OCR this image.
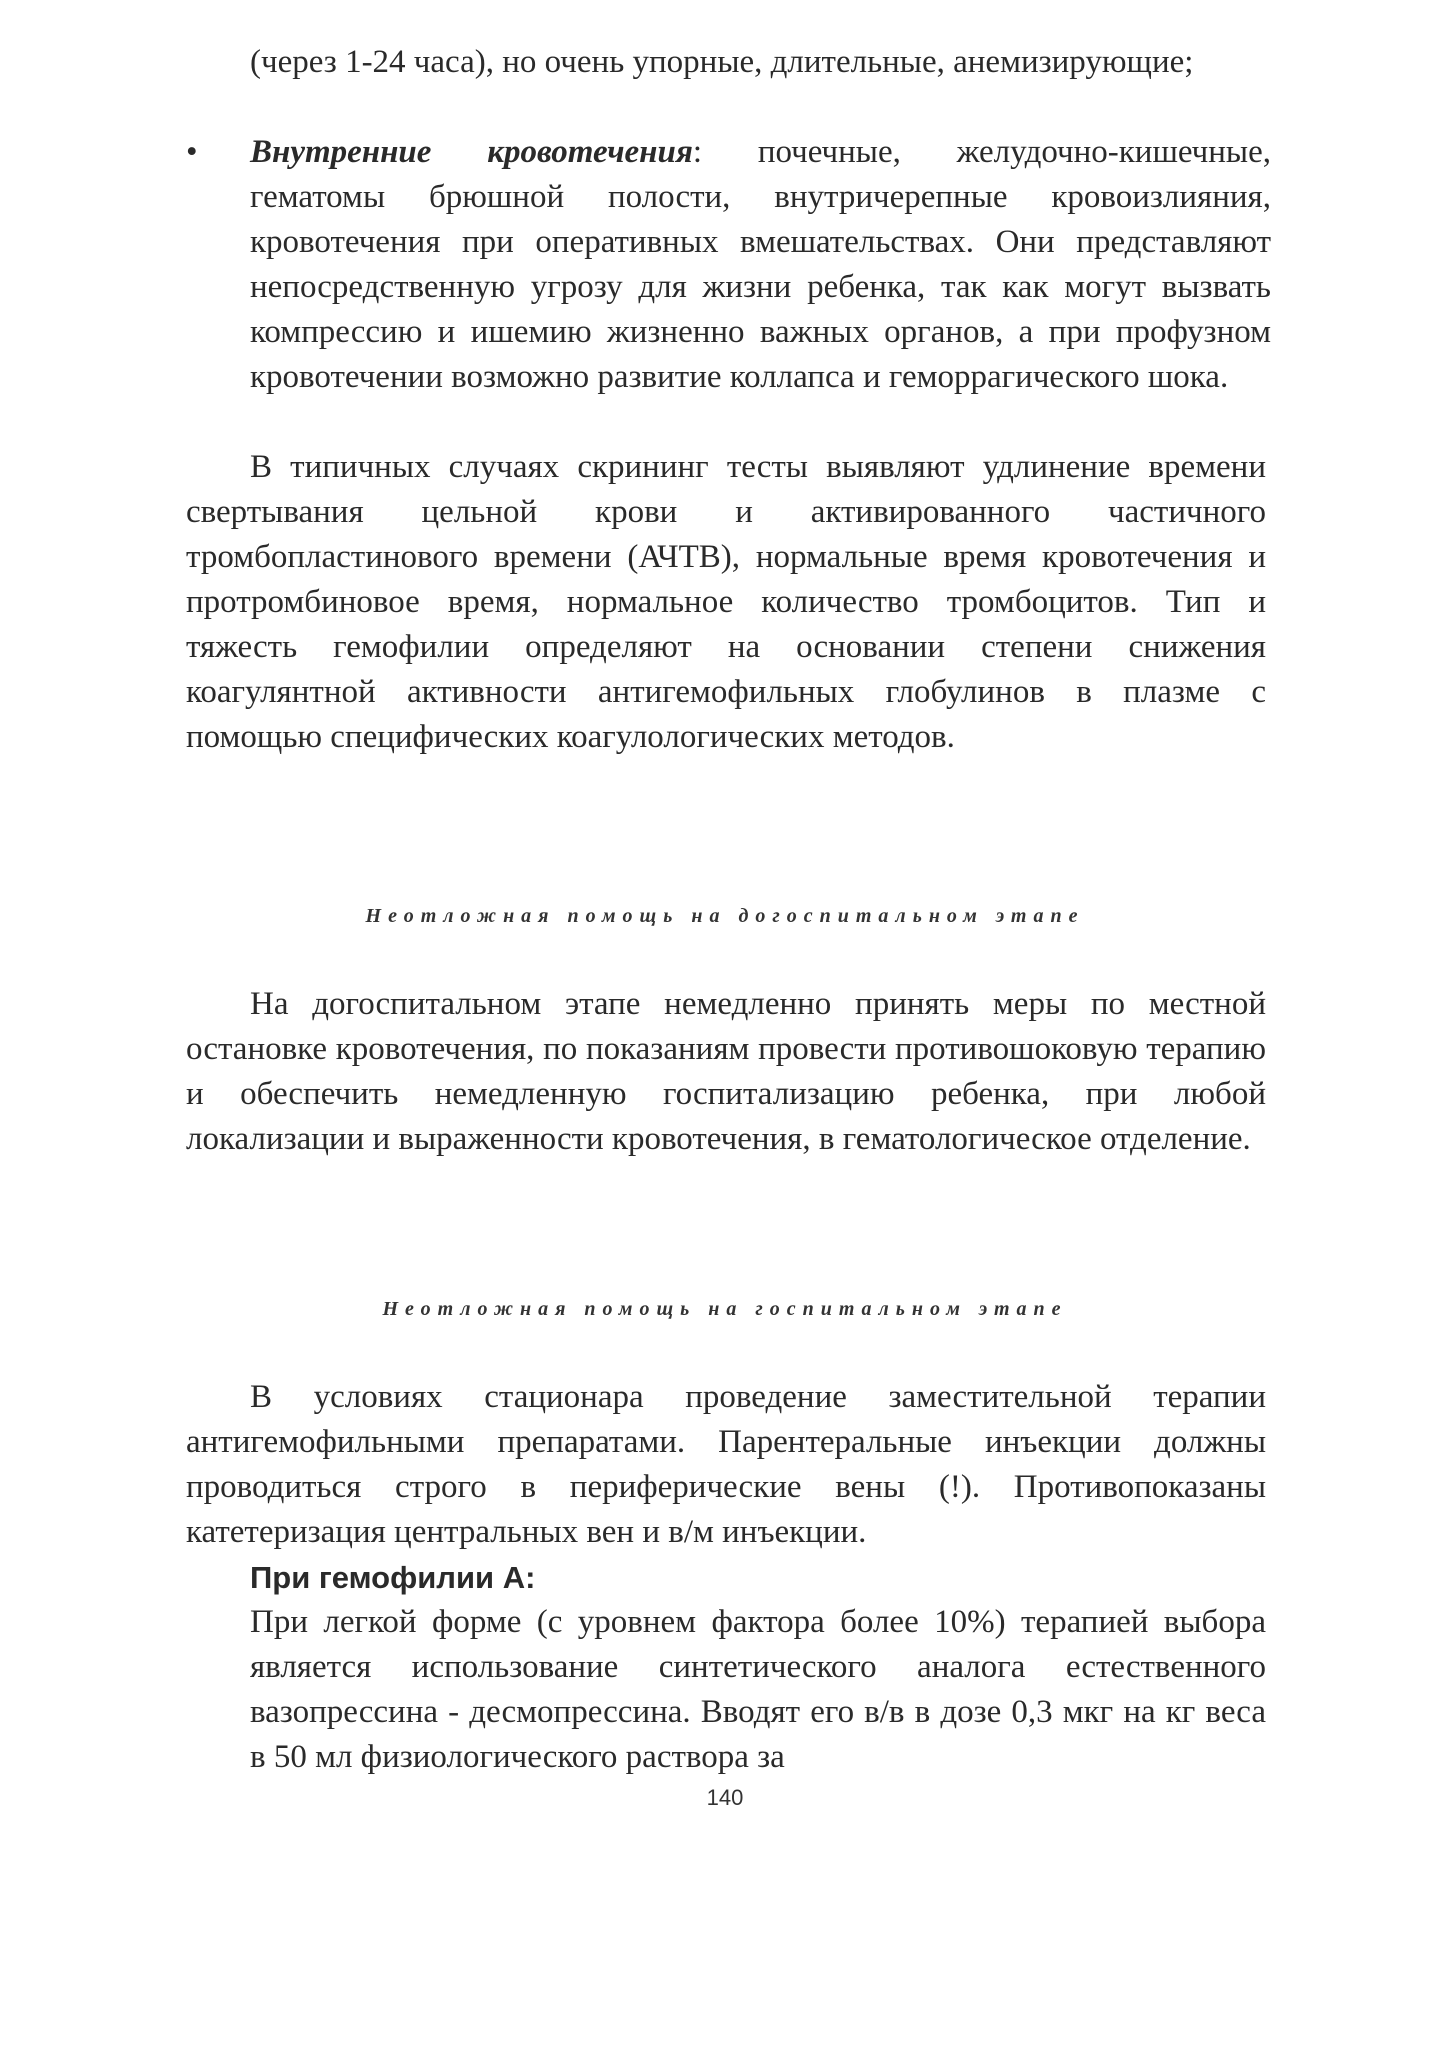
(через 1-24 часа), но очень упорные, длительные, анемизирующие;
•	Внутренние кровотечения: почечные, желудочно-кишечные, гематомы брюшной полости, внутричерепные кровоизлияния, кровотечения при оперативных вмешательствах. Они представляют непосредственную угрозу для жизни ребенка, так как могут вызвать компрессию и ишемию жизненно важных органов, а при профузном кровотечении возможно развитие коллапса и геморрагического шока.

В типичных случаях скрининг тесты выявляют удлинение времени свертывания цельной крови и активированного частичного тромбопластинового времени (АЧТВ), нормальные время кровотечения и протромбиновое время, нормальное количество тромбоцитов. Тип и тяжесть гемофилии определяют на основании степени снижения коагулянтной активности антигемофильных глобулинов в плазме с помощью специфических коагулологических методов.

Неотложная помощь на догоспитальном этапе

На догоспитальном этапе немедленно принять меры по местной остановке кровотечения, по показаниям провести противошоковую терапию и обеспечить немедленную госпитализацию ребенка, при любой локализации и выраженности кровотечения, в гематологическое отделение.

Неотложная помощь на госпитальном этапе

В условиях стационара проведение заместительной терапии антигемофильными препаратами. Парентеральные инъекции должны проводиться строго в периферические вены (!). Противопоказаны катетеризация центральных вен и в/м инъекции.

При гемофилии А:

При легкой форме (с уровнем фактора более 10%) терапией выбора является использование синтетического аналога естественного вазопрессина - десмопрессина. Вводят его в/в в дозе 0,3 мкг на кг веса в 50 мл физиологического раствора за

140
